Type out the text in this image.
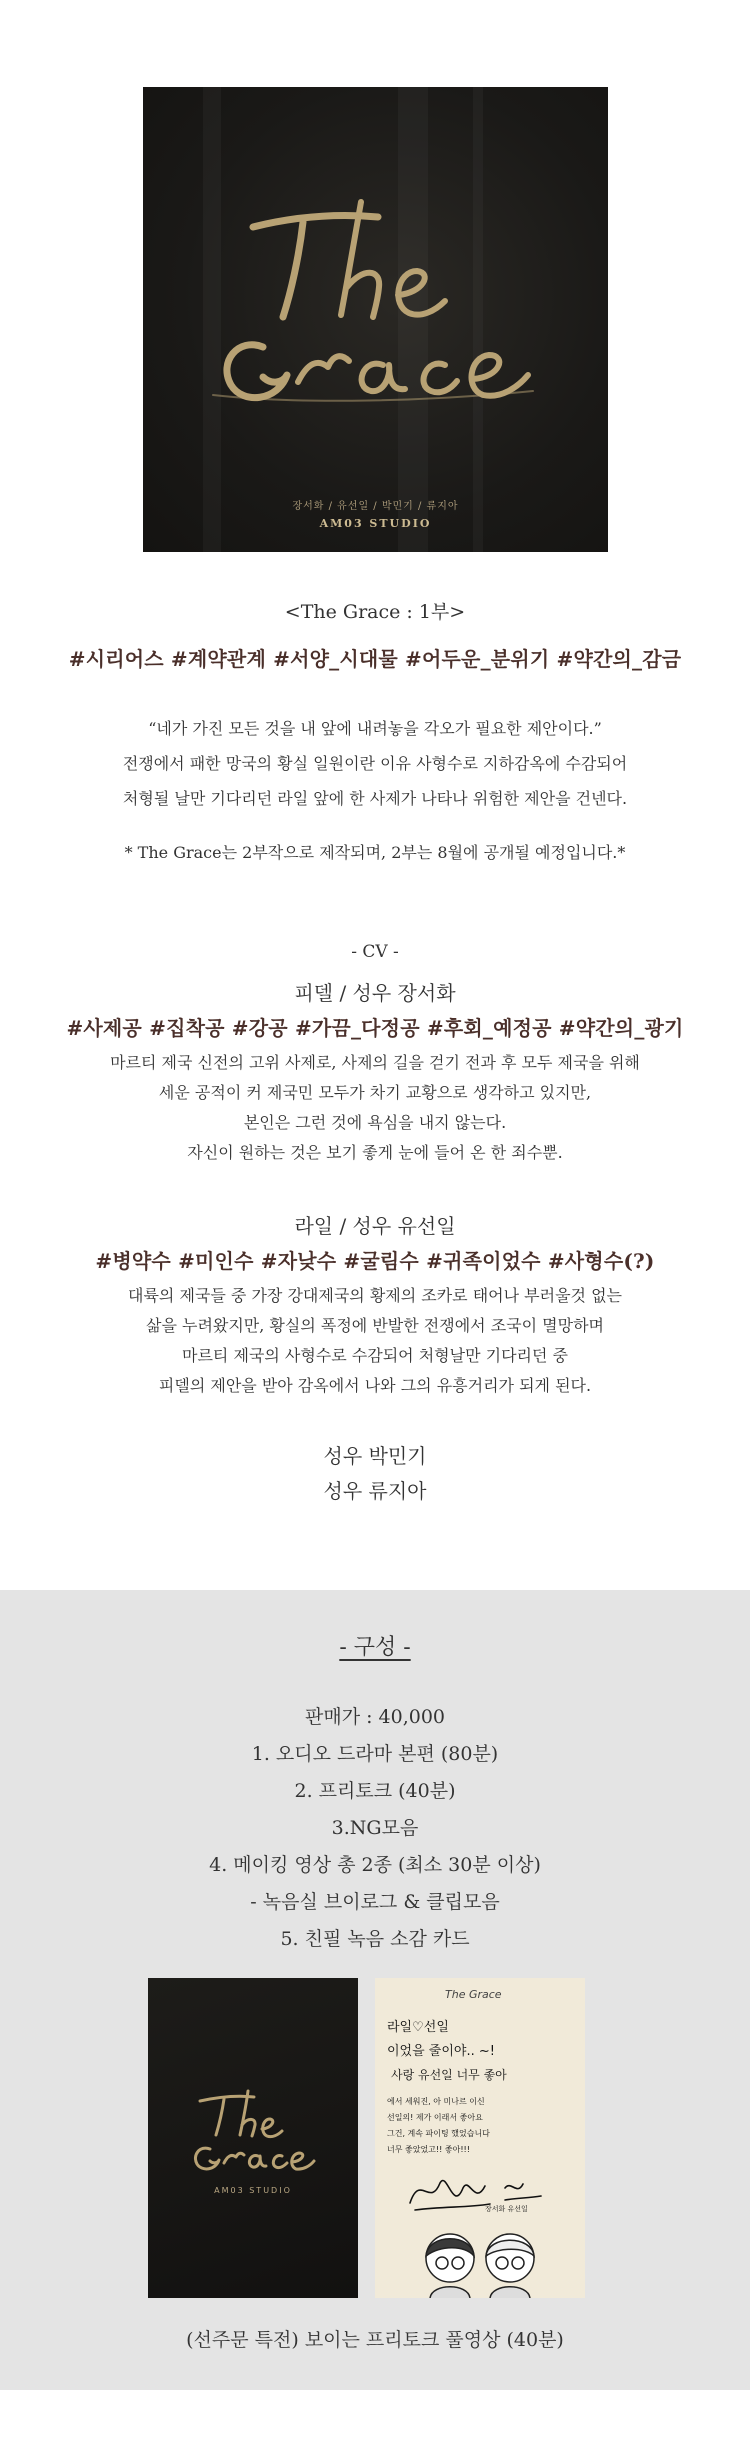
장서화 / 유선일 / 박민기 / 류지아
AM03 STUDIO
<The Grace : 1부>
#시리어스 #계약관계 #서양_시대물 #어두운_분위기 #약간의_감금
“네가 가진 모든 것을 내 앞에 내려놓을 각오가 필요한 제안이다.”
전쟁에서 패한 망국의 황실 일원이란 이유 사형수로 지하감옥에 수감되어
처형될 날만 기다리던 라일 앞에 한 사제가 나타나 위험한 제안을 건넨다.
* The Grace는 2부작으로 제작되며, 2부는 8월에 공개될 예정입니다.*
- CV -
피델 / 성우 장서화
#사제공 #집착공 #강공 #가끔_다정공 #후회_예정공 #약간의_광기
마르티 제국 신전의 고위 사제로, 사제의 길을 걷기 전과 후 모두 제국을 위해
세운 공적이 커 제국민 모두가 차기 교황으로 생각하고 있지만,
본인은 그런 것에 욕심을 내지 않는다.
자신이 원하는 것은 보기 좋게 눈에 들어 온 한 죄수뿐.
라일 / 성우 유선일
#병약수 #미인수 #자낮수 #굴림수 #귀족이었수 #사형수(?)
대륙의 제국들 중 가장 강대제국의 황제의 조카로 태어나 부러울것 없는
삶을 누려왔지만, 황실의 폭정에 반발한 전쟁에서 조국이 멸망하며
마르티 제국의 사형수로 수감되어 처형날만 기다리던 중
피델의 제안을 받아 감옥에서 나와 그의 유흥거리가 되게 된다.
성우 박민기
성우 류지아
- 구성 -
판매가 : 40,000
1. 오디오 드라마 본편 (80분)
2. 프리토크 (40분)
3.NG모음
4. 메이킹 영상 총 2종 (최소 30분 이상)
- 녹음실 브이로그 & 클립모음
5. 친필 녹음 소감 카드
AM03 STUDIO
The Grace
라일♡선일
이었을 줄이야.. ~!
사랑 유선일 너무 좋아
에서 세워진, 아 미나르 이신
선일의! 제가 이래서 좋아요
그건, 계속 파이팅 했었습니다
너무 좋았었고!! 좋아!!!
장서화 유선일
(선주문 특전) 보이는 프리토크 풀영상 (40분)
